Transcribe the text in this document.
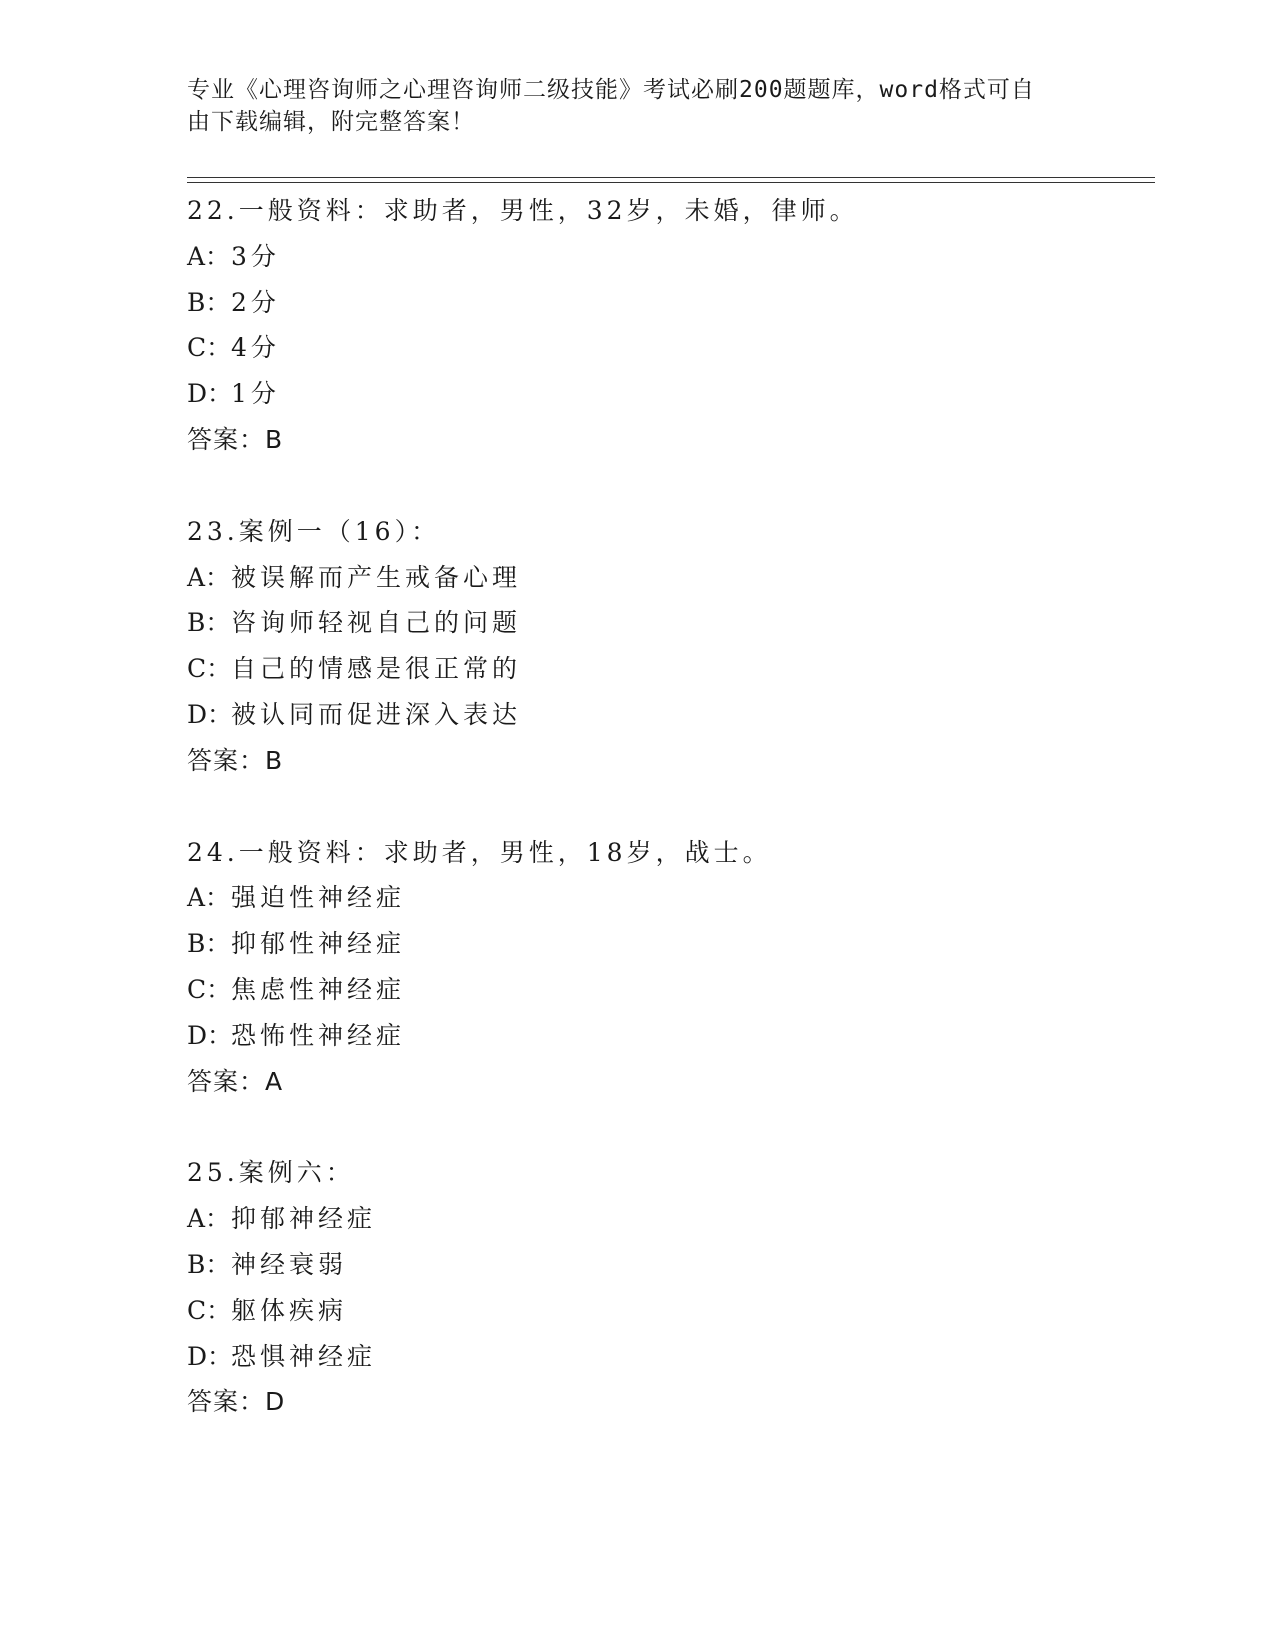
专业《心理咨询师之心理咨询师二级技能》考试必刷200题题库，word格式可自
由下载编辑，附完整答案！
22.一般资料：求助者，男性，32岁，未婚，律师。
A：3分
B：2分
C：4分
D：1分
答案：B
23.案例一（16）：
A：被误解而产生戒备心理
B：咨询师轻视自己的问题
C：自己的情感是很正常的
D：被认同而促进深入表达
答案：B
24.一般资料：求助者，男性，18岁，战士。
A：强迫性神经症
B：抑郁性神经症
C：焦虑性神经症
D：恐怖性神经症
答案：A
25.案例六：
A：抑郁神经症
B：神经衰弱
C：躯体疾病
D：恐惧神经症
答案：D
